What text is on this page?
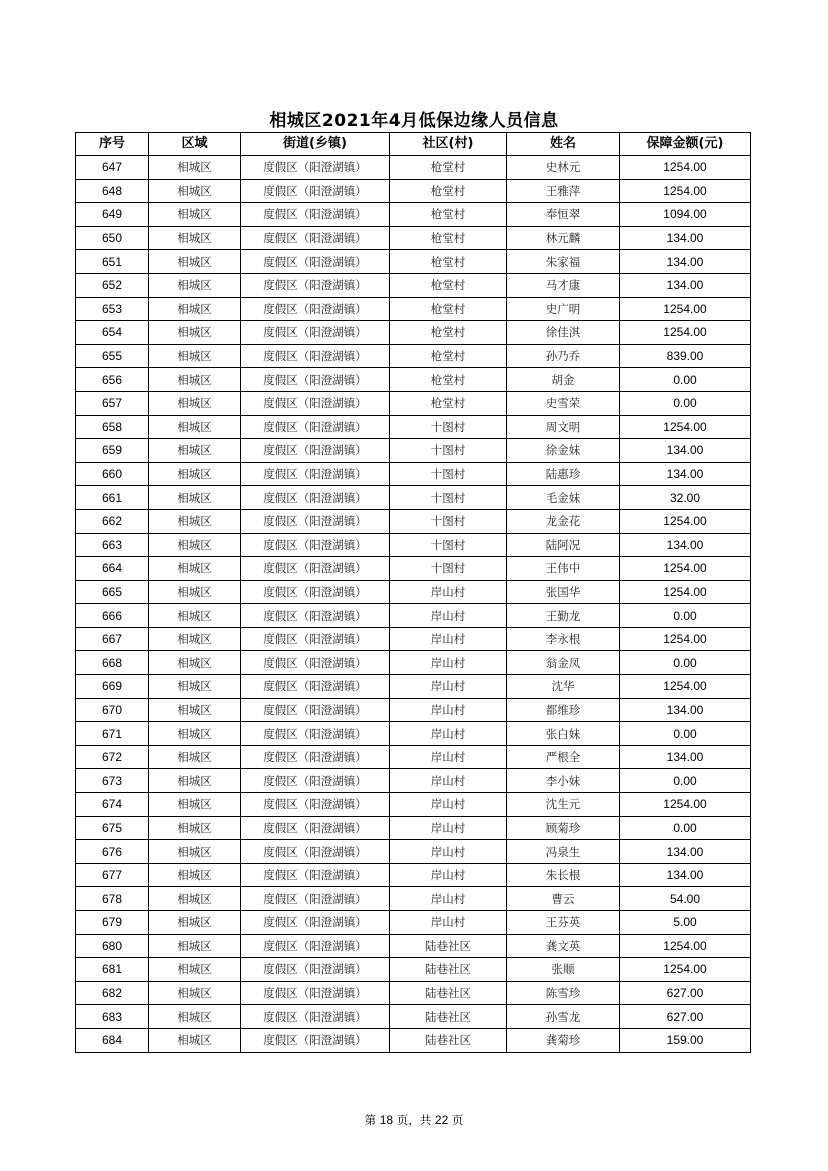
相城区2021年4月低保边缘人员信息
序号	区域	街道(乡镇)	社区(村)	姓名	保障金额(元)
647	相城区	度假区（阳澄湖镇）	枪堂村	史林元	1254.00
648	相城区	度假区（阳澄湖镇）	枪堂村	王雅萍	1254.00
649	相城区	度假区（阳澄湖镇）	枪堂村	奉恒翠	1094.00
650	相城区	度假区（阳澄湖镇）	枪堂村	林元麟	134.00
651	相城区	度假区（阳澄湖镇）	枪堂村	朱家福	134.00
652	相城区	度假区（阳澄湖镇）	枪堂村	马才康	134.00
653	相城区	度假区（阳澄湖镇）	枪堂村	史广明	1254.00
654	相城区	度假区（阳澄湖镇）	枪堂村	徐佳淇	1254.00
655	相城区	度假区（阳澄湖镇）	枪堂村	孙乃乔	839.00
656	相城区	度假区（阳澄湖镇）	枪堂村	胡金	0.00
657	相城区	度假区（阳澄湖镇）	枪堂村	史雪荣	0.00
658	相城区	度假区（阳澄湖镇）	十图村	周文明	1254.00
659	相城区	度假区（阳澄湖镇）	十图村	徐金妹	134.00
660	相城区	度假区（阳澄湖镇）	十图村	陆惠珍	134.00
661	相城区	度假区（阳澄湖镇）	十图村	毛金妹	32.00
662	相城区	度假区（阳澄湖镇）	十图村	龙金花	1254.00
663	相城区	度假区（阳澄湖镇）	十图村	陆阿况	134.00
664	相城区	度假区（阳澄湖镇）	十图村	王伟中	1254.00
665	相城区	度假区（阳澄湖镇）	岸山村	张国华	1254.00
666	相城区	度假区（阳澄湖镇）	岸山村	王勤龙	0.00
667	相城区	度假区（阳澄湖镇）	岸山村	李永根	1254.00
668	相城区	度假区（阳澄湖镇）	岸山村	翁金凤	0.00
669	相城区	度假区（阳澄湖镇）	岸山村	沈华	1254.00
670	相城区	度假区（阳澄湖镇）	岸山村	都维珍	134.00
671	相城区	度假区（阳澄湖镇）	岸山村	张白妹	0.00
672	相城区	度假区（阳澄湖镇）	岸山村	严根全	134.00
673	相城区	度假区（阳澄湖镇）	岸山村	李小妹	0.00
674	相城区	度假区（阳澄湖镇）	岸山村	沈生元	1254.00
675	相城区	度假区（阳澄湖镇）	岸山村	顾菊珍	0.00
676	相城区	度假区（阳澄湖镇）	岸山村	冯泉生	134.00
677	相城区	度假区（阳澄湖镇）	岸山村	朱长根	134.00
678	相城区	度假区（阳澄湖镇）	岸山村	曹云	54.00
679	相城区	度假区（阳澄湖镇）	岸山村	王芬英	5.00
680	相城区	度假区（阳澄湖镇）	陆巷社区	龚文英	1254.00
681	相城区	度假区（阳澄湖镇）	陆巷社区	张顺	1254.00
682	相城区	度假区（阳澄湖镇）	陆巷社区	陈雪珍	627.00
683	相城区	度假区（阳澄湖镇）	陆巷社区	孙雪龙	627.00
684	相城区	度假区（阳澄湖镇）	陆巷社区	龚菊珍	159.00
第 18 页，共 22 页
